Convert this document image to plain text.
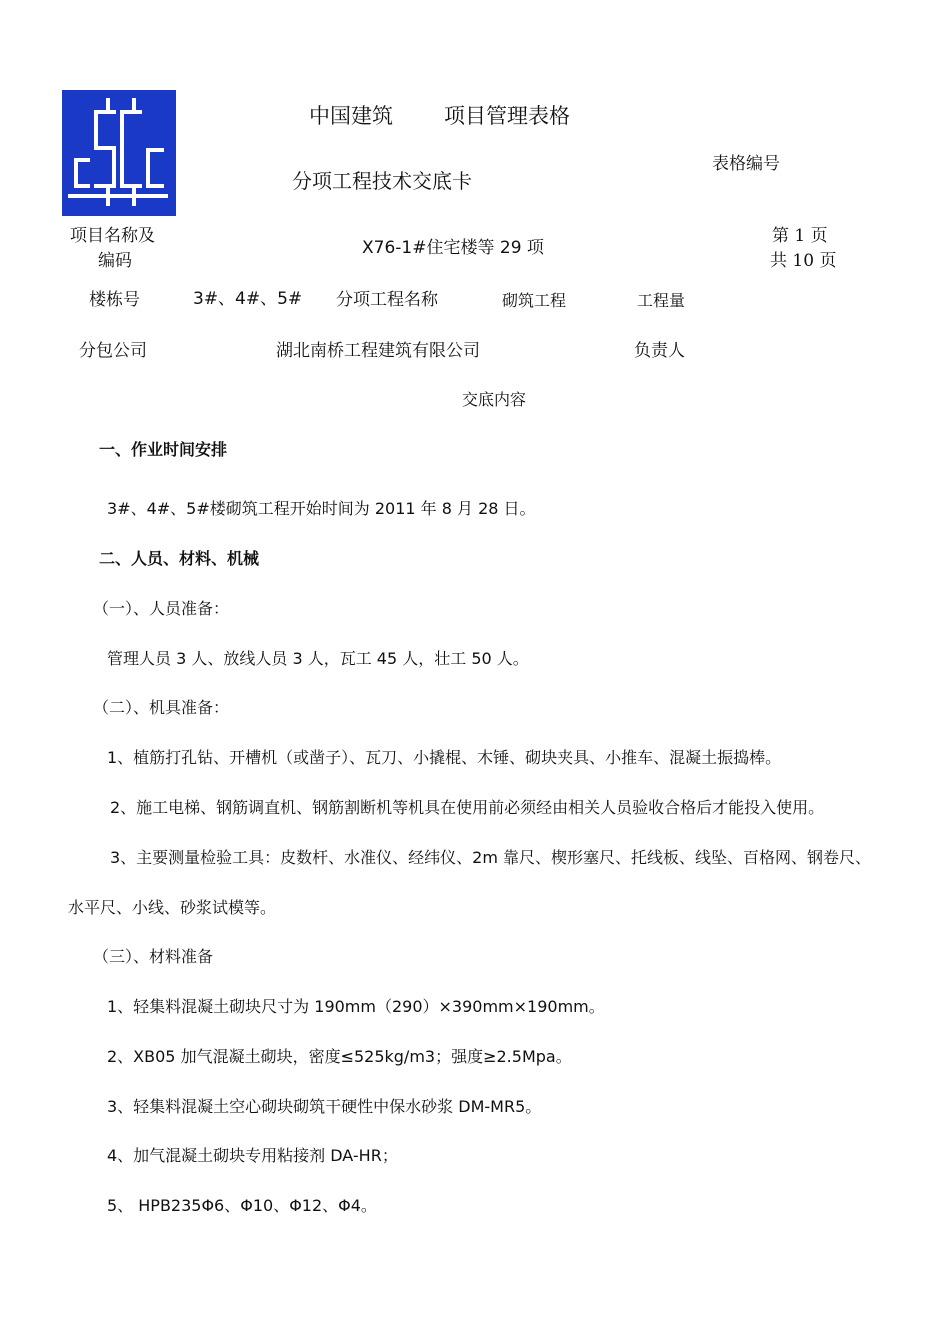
中国建筑 项目管理表格
分项工程技术交底卡
表格编号
项目名称及
编码
X76-1#住宅楼等 29 项
第 1 页
共 10 页
楼栋号	3#、4#、5# 分项工程名称	砌筑工程	工程量
分包公司	湖北南桥工程建筑有限公司	负责人
交底内容
一、作业时间安排
3#、4#、5#楼砌筑工程开始时间为 2011 年 8 月 28 日。
二、人员、材料、机械
（一）、人员准备：
管理人员 3 人、放线人员 3 人，瓦工 45 人，壮工 50 人。
（二）、机具准备：
1、植筋打孔钻、开槽机（或凿子）、瓦刀、小撬棍、木锤、砌块夹具、小推车、混凝土振捣棒。
2、施工电梯、钢筋调直机、钢筋割断机等机具在使用前必须经由相关人员验收合格后才能投入使用。
3、主要测量检验工具：皮数杆、水准仪、经纬仪、2m 靠尺、楔形塞尺、托线板、线坠、百格网、钢卷尺、
水平尺、小线、砂浆试模等。
（三）、材料准备
1、轻集料混凝土砌块尺寸为 190mm（290）×390mm×190mm。
2、XB05 加气混凝土砌块，密度≤525kg/m3；强度≥2.5Mpa。
3、轻集料混凝土空心砌块砌筑干硬性中保水砂浆 DM-MR5。
4、加气混凝土砌块专用粘接剂 DA-HR；
5、 HPB235Φ6、Φ10、Φ12、Φ4。
